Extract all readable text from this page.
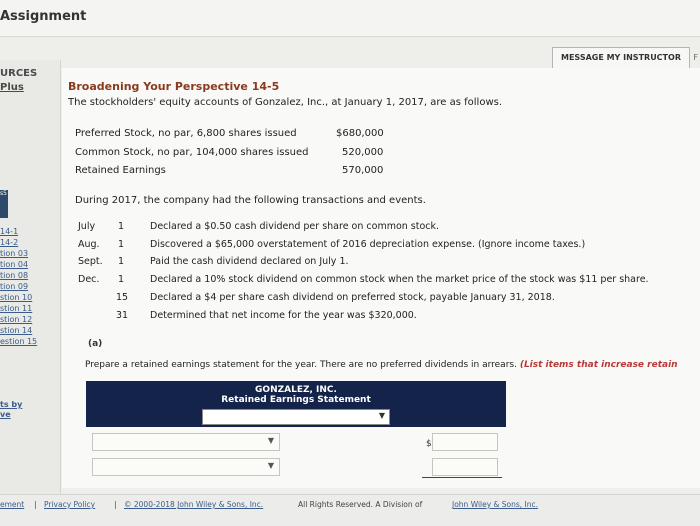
Assignment
F
MESSAGE MY INSTRUCTOR
URCES
Plus
s5
14-1
14-2
tion 03
tion 04
tion 08
tion 09
stion 10
stion 11
stion 12
stion 14
estion 15
ts by
ve
Broadening Your Perspective 14-5
The stockholders' equity accounts of Gonzalez, Inc., at January 1, 2017, are as follows.
Preferred Stock, no par, 6,800 shares issued	$680,000
Common Stock, no par, 104,000 shares issued	520,000
Retained Earnings	570,000
During 2017, the company had the following transactions and events.
July 1	Declared a $0.50 cash dividend per share on common stock.
Aug. 1	Discovered a $65,000 overstatement of 2016 depreciation expense. (Ignore income taxes.)
Sept. 1	Paid the cash dividend declared on July 1.
Dec. 1	Declared a 10% stock dividend on common stock when the market price of the stock was $11 per share.
15 Declared a $4 per share cash dividend on preferred stock, payable January 31, 2018.
31 Determined that net income for the year was $320,000.
(a)
Prepare a retained earnings statement for the year. There are no preferred dividends in arrears. (List items that increase retain
GONZALEZ, INC.
Retained Earnings Statement
▼
▼	$
▼
ement | Privacy Policy	| © 2000-2018 John Wiley & Sons, Inc.	All Rights Reserved. A Division of	John Wiley & Sons, Inc.
